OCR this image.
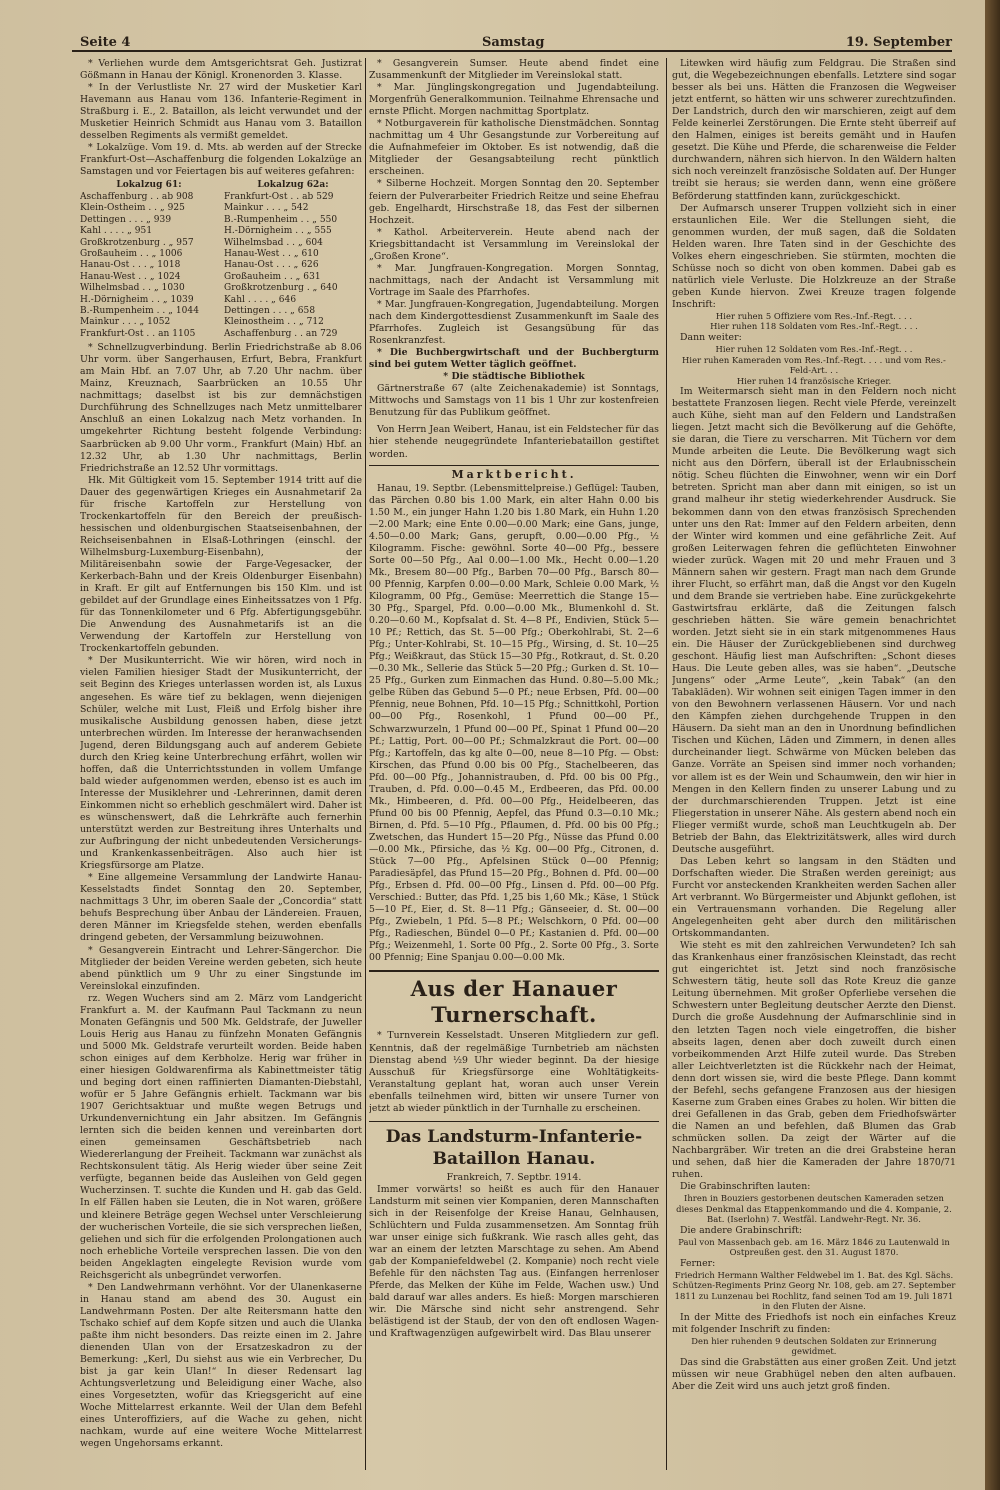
Seite 4	Samstag	19. September

* Verliehen wurde dem Amtsgerichtsrat Geh. Justizrat Gößmann in Hanau der Königl. Kronenorden 3. Klasse.

* In der Verlustliste Nr. 27 wird der Musketier Karl Havemann aus Hanau vom 136. Infanterie-Regiment in Straßburg i. E., 2. Bataillon, als leicht verwundet und der Musketier Heinrich Schmidt aus Hanau vom 3. Bataillon desselben Regiments als vermißt gemeldet.

* Lokalzüge. Vom 19. d. Mts. ab werden auf der Strecke Frankfurt-Ost—Aschaffenburg die folgenden Lokalzüge an Samstagen und vor Feiertagen bis auf weiteres gefahren:

Lokalzug 61:	Lokalzug 62a:
Aschaffenburg . . ab 908
Klein-Ostheim . . „ 925
Dettingen . . . „ 939
Kahl . . . . „ 951
Großkrotzenburg . „ 957
Großauheim . . „ 1006
Hanau-Ost . . . „ 1018
Hanau-West . . „ 1024
Wilhelmsbad . . „ 1030
H.-Dörnigheim . . „ 1039
B.-Rumpenheim . . „ 1044
Mainkur . . . „ 1052
Frankfurt-Ost . . an 1105
Frankfurt-Ost . . ab 529
Mainkur . . . „ 542
B.-Rumpenheim . . „ 550
H.-Dörnigheim . . „ 555
Wilhelmsbad . . „ 604
Hanau-West . . „ 610
Hanau-Ost . . . „ 626
Großauheim . . „ 631
Großkrotzenburg . „ 640
Kahl . . . . „ 646
Dettingen . . . „ 658
Kleinostheim . . „ 712
Aschaffenburg . . an 729

* Schnellzugverbindung. Berlin Friedrichstraße ab 8.06 Uhr vorm. über Sangerhausen, Erfurt, Bebra, Frankfurt am Main Hbf. an 7.07 Uhr, ab 7.20 Uhr nachm. über Mainz, Kreuznach, Saarbrücken an 10.55 Uhr nachmittags; daselbst ist bis zur demnächstigen Durchführung des Schnellzuges nach Metz unmittelbarer Anschluß an einen Lokalzug nach Metz vorhanden. In umgekehrter Richtung besteht folgende Verbindung: Saarbrücken ab 9.00 Uhr vorm., Frankfurt (Main) Hbf. an 12.32 Uhr, ab 1.30 Uhr nachmittags, Berlin Friedrichstraße an 12.52 Uhr vormittags.

Hk. Mit Gültigkeit vom 15. September 1914 tritt auf die Dauer des gegenwärtigen Krieges ein Ausnahmetarif 2a für frische Kartoffeln zur Herstellung von Trockenkartoffeln für den Bereich der preußisch-hessischen und oldenburgischen Staatseisenbahnen, der Reichseisenbahnen in Elsaß-Lothringen (einschl. der Wilhelmsburg-Luxemburg-Eisenbahn), der Militäreisenbahn sowie der Farge-Vegesacker, der Kerkerbach-Bahn und der Kreis Oldenburger Eisenbahn) in Kraft. Er gilt auf Entfernungen bis 150 Klm. und ist gebildet auf der Grundlage eines Einheitssatzes von 1 Pfg. für das Tonnenkilometer und 6 Pfg. Abfertigungsgebühr. Die Anwendung des Ausnahmetarifs ist an die Verwendung der Kartoffeln zur Herstellung von Trockenkartoffeln gebunden.

* Der Musikunterricht. Wie wir hören, wird noch in vielen Familien hiesiger Stadt der Musikunterricht, der seit Beginn des Krieges unterlassen worden ist, als Luxus angesehen. Es wäre tief zu beklagen, wenn diejenigen Schüler, welche mit Lust, Fleiß und Erfolg bisher ihre musikalische Ausbildung genossen haben, diese jetzt unterbrechen würden. Im Interesse der heranwachsenden Jugend, deren Bildungsgang auch auf anderem Gebiete durch den Krieg keine Unterbrechung erfährt, wollen wir hoffen, daß die Unterrichtsstunden in vollem Umfange bald wieder aufgenommen werden, ebenso ist es auch im Interesse der Musiklehrer und -Lehrerinnen, damit deren Einkommen nicht so erheblich geschmälert wird. Daher ist es wünschenswert, daß die Lehrkräfte auch fernerhin unterstützt werden zur Bestreitung ihres Unterhalts und zur Aufbringung der nicht unbedeutenden Versicherungs- und Krankenkassenbeiträgen. Also auch hier ist Kriegsfürsorge am Platze.

* Eine allgemeine Versammlung der Landwirte Hanau-Kesselstadts findet Sonntag den 20. September, nachmittags 3 Uhr, im oberen Saale der „Concordia“ statt behufs Besprechung über Anbau der Ländereien. Frauen, deren Männer im Kriegsfelde stehen, werden ebenfalls dringend gebeten, der Versammlung beizuwohnen.

* Gesangverein Eintracht und Lehrer-Sängerchor. Die Mitglieder der beiden Vereine werden gebeten, sich heute abend pünktlich um 9 Uhr zu einer Singstunde im Vereinslokal einzufinden.

rz. Wegen Wuchers sind am 2. März vom Landgericht Frankfurt a. M. der Kaufmann Paul Tackmann zu neun Monaten Gefängnis und 500 Mk. Geldstrafe, der Juweller Louis Herig aus Hanau zu fünfzehn Monaten Gefängnis und 5000 Mk. Geldstrafe verurteilt worden. Beide haben schon einiges auf dem Kerbholze. Herig war früher in einer hiesigen Goldwarenfirma als Kabinettmeister tätig und beging dort einen raffinierten Diamanten-Diebstahl, wofür er 5 Jahre Gefängnis erhielt. Tackmann war bis 1907 Gerichtsaktuar und mußte wegen Betrugs und Urkundenvernichtung ein Jahr absitzen. Im Gefängnis lernten sich die beiden kennen und vereinbarten dort einen gemeinsamen Geschäftsbetrieb nach Wiedererlangung der Freiheit. Tackmann war zunächst als Rechtskonsulent tätig. Als Herig wieder über seine Zeit verfügte, begannen beide das Ausleihen von Geld gegen Wucherzinsen. T. suchte die Kunden und H. gab das Geld. In elf Fällen haben sie Leuten, die in Not waren, größere und kleinere Beträge gegen Wechsel unter Verschleierung der wucherischen Vorteile, die sie sich versprechen ließen, geliehen und sich für die erfolgenden Prolongationen auch noch erhebliche Vorteile versprechen lassen. Die von den beiden Angeklagten eingelegte Revision wurde vom Reichsgericht als unbegründet verworfen.

* Den Landwehrmann verhöhnt. Vor der Ulanenkaserne in Hanau stand am abend des 30. August ein Landwehrmann Posten. Der alte Reitersmann hatte den Tschako schief auf dem Kopfe sitzen und auch die Ulanka paßte ihm nicht besonders. Das reizte einen im 2. Jahre dienenden Ulan von der Ersatzeskadron zu der Bemerkung: „Kerl, Du siehst aus wie ein Verbrecher, Du bist ja gar kein Ulan!“ In dieser Redensart lag Achtungsverletzung und Beleidigung einer Wache, also eines Vorgesetzten, wofür das Kriegsgericht auf eine Woche Mittelarrest erkannte. Weil der Ulan dem Befehl eines Unteroffiziers, auf die Wache zu gehen, nicht nachkam, wurde auf eine weitere Woche Mittelarrest wegen Ungehorsams erkannt.

* Gesangverein Sumser. Heute abend findet eine Zusammenkunft der Mitglieder im Vereinslokal statt.

* Mar. Jünglingskongregation und Jugendabteilung. Morgenfrüh Generalkommunion. Teilnahme Ehrensache und ernste Pflicht. Morgen nachmittag Sportplatz.

* Notburgaverein für katholische Dienstmädchen. Sonntag nachmittag um 4 Uhr Gesangstunde zur Vorbereitung auf die Aufnahmefeier im Oktober. Es ist notwendig, daß die Mitglieder der Gesangsabteilung recht pünktlich erscheinen.

* Silberne Hochzeit. Morgen Sonntag den 20. September feiern der Pulverarbeiter Friedrich Reitze und seine Ehefrau geb. Engelhardt, Hirschstraße 18, das Fest der silbernen Hochzeit.

* Kathol. Arbeiterverein. Heute abend nach der Kriegsbittandacht ist Versammlung im Vereinslokal der „Großen Krone“.

* Mar. Jungfrauen-Kongregation. Morgen Sonntag, nachmittags, nach der Andacht ist Versammlung mit Vortrage im Saale des Pfarrhofes.

* Mar. Jungfrauen-Kongregation, Jugendabteilung. Morgen nach dem Kindergottesdienst Zusammenkunft im Saale des Pfarrhofes. Zugleich ist Gesangsübung für das Rosenkranzfest.

* Die Buchbergwirtschaft und der Buchbergturm sind bei gutem Wetter täglich geöffnet.

* Die städtische Bibliothek

Gärtnerstraße 67 (alte Zeichenakademie) ist Sonntags, Mittwochs und Samstags von 11 bis 1 Uhr zur kostenfreien Benutzung für das Publikum geöffnet.

Von Herrn Jean Weibert, Hanau, ist ein Feldstecher für das hier stehende neugegründete Infanteriebataillon gestiftet worden.

Marktbericht.

Hanau, 19. Septbr. (Lebensmittelpreise.) Geflügel: Tauben, das Pärchen 0.80 bis 1.00 Mark, ein alter Hahn 0.00 bis 1.50 M., ein junger Hahn 1.20 bis 1.80 Mark, ein Huhn 1.20—2.00 Mark; eine Ente 0.00—0.00 Mark; eine Gans, junge, 4.50—0.00 Mark; Gans, gerupft, 0.00—0.00 Pfg., ½ Kilogramm. Fische: gewöhnl. Sorte 40—00 Pfg., bessere Sorte 00—50 Pfg., Aal 0.00—1.00 Mk., Hecht 0.00—1.20 Mk., Bresem 80—00 Pfg., Barben 70—00 Pfg., Barsch 80—00 Pfennig, Karpfen 0.00—0.00 Mark, Schleie 0.00 Mark, ½ Kilogramm, 00 Pfg., Gemüse: Meerrettich die Stange 15—30 Pfg., Spargel, Pfd. 0.00—0.00 Mk., Blumenkohl d. St. 0.20—0.60 M., Kopfsalat d. St. 4—8 Pf., Endivien, Stück 5—10 Pf.; Rettich, das St. 5—00 Pfg.; Oberkohlrabi, St. 2—6 Pfg.; Unter-Kohlrabi, St. 10—15 Pfg., Wirsing, d. St. 10—25 Pfg.; Weißkraut, das Stück 15—30 Pfg., Rotkraut, d. St. 0.20—0.30 Mk., Sellerie das Stück 5—20 Pfg.; Gurken d. St. 10—25 Pfg., Gurken zum Einmachen das Hund. 0.80—5.00 Mk.; gelbe Rüben das Gebund 5—0 Pf.; neue Erbsen, Pfd. 00—00 Pfennig, neue Bohnen, Pfd. 10—15 Pfg.; Schnittkohl, Portion 00—00 Pfg., Rosenkohl, 1 Pfund 00—00 Pf., Schwarzwurzeln, 1 Pfund 00—00 Pf., Spinat 1 Pfund 00—20 Pf.; Lattig, Port. 00—00 Pf.; Schmalzkraut die Port. 00—00 Pfg.; Kartoffeln, das kg alte 0—00, neue 8—10 Pfg. — Obst: Kirschen, das Pfund 0.00 bis 00 Pfg., Stachelbeeren, das Pfd. 00—00 Pfg., Johannistrauben, d. Pfd. 00 bis 00 Pfg., Trauben, d. Pfd. 0.00—0.45 M., Erdbeeren, das Pfd. 00.00 Mk., Himbeeren, d. Pfd. 00—00 Pfg., Heidelbeeren, das Pfund 00 bis 00 Pfennig, Aepfel, das Pfund 0.3—0.10 Mk.; Birnen, d. Pfd. 5—10 Pfg., Pflaumen, d. Pfd. 00 bis 00 Pfg.; Zwetschen, das Hundert 15—20 Pfg., Nüsse das Pfund 0.00—0.00 Mk., Pfirsiche, das ½ Kg. 00—00 Pfg., Citronen, d. Stück 7—00 Pfg., Apfelsinen Stück 0—00 Pfennig; Paradiesäpfel, das Pfund 15—20 Pfg., Bohnen d. Pfd. 00—00 Pfg., Erbsen d. Pfd. 00—00 Pfg., Linsen d. Pfd. 00—00 Pfg. Verschied.: Butter, das Pfd. 1,25 bis 1,60 Mk.; Käse, 1 Stück 5—10 Pf., Eier, d. St. 8—11 Pfg.; Gänseeier, d. St. 00—00 Pfg., Zwiebeln, 1 Pfd. 5—8 Pf.; Welschkorn, 0 Pfd. 00—00 Pfg., Radieschen, Bündel 0—0 Pf.; Kastanien d. Pfd. 00—00 Pfg.; Weizenmehl, 1. Sorte 00 Pfg., 2. Sorte 00 Pfg., 3. Sorte 00 Pfennig; Eine Spanjau 0.00—0.00 Mk.

Aus der Hanauer Turnerschaft.

* Turnverein Kesselstadt. Unseren Mitgliedern zur gefl. Kenntnis, daß der regelmäßige Turnbetrieb am nächsten Dienstag abend ½9 Uhr wieder beginnt. Da der hiesige Ausschuß für Kriegsfürsorge eine Wohltätigkeits-Veranstaltung geplant hat, woran auch unser Verein ebenfalls teilnehmen wird, bitten wir unsere Turner von jetzt ab wieder pünktlich in der Turnhalle zu erscheinen.

Das Landsturm-Infanterie-Bataillon Hanau.

Frankreich, 7. Septbr. 1914.

Immer vorwärts! so heißt es auch für den Hanauer Landsturm mit seinen vier Kompanien, deren Mannschaften sich in der Reisenfolge der Kreise Hanau, Gelnhausen, Schlüchtern und Fulda zusammensetzen. Am Sonntag früh war unser einige sich fußkrank. Wie rasch alles geht, das war an einem der letzten Marschtage zu sehen. Am Abend gab der Kompaniefeldwebel (2. Kompanie) noch recht viele Befehle für den nächsten Tag aus. (Einfangen herrenloser Pferde, das Melken der Kühe im Felde, Wachen usw.) Und bald darauf war alles anders. Es hieß: Morgen marschieren wir. Die Märsche sind nicht sehr anstrengend. Sehr belästigend ist der Staub, der von den oft endlosen Wagen- und Kraftwagenzügen aufgewirbelt wird. Das Blau unserer

Litewken wird häufig zum Feldgrau. Die Straßen sind gut, die Wegebezeichnungen ebenfalls. Letztere sind sogar besser als bei uns. Hätten die Franzosen die Wegweiser jetzt entfernt, so hätten wir uns schwerer zurechtzufinden. Der Landstrich, durch den wir marschieren, zeigt auf dem Felde keinerlei Zerstörungen. Die Ernte steht überreif auf den Halmen, einiges ist bereits gemäht und in Haufen gesetzt. Die Kühe und Pferde, die scharenweise die Felder durchwandern, nähren sich hiervon. In den Wäldern halten sich noch vereinzelt französische Soldaten auf. Der Hunger treibt sie heraus; sie werden dann, wenn eine größere Beförderung stattfinden kann, zurückgeschickt.

Der Aufmarsch unserer Truppen vollzieht sich in einer erstaunlichen Eile. Wer die Stellungen sieht, die genommen wurden, der muß sagen, daß die Soldaten Helden waren. Ihre Taten sind in der Geschichte des Volkes ehern eingeschrieben. Sie stürmten, mochten die Schüsse noch so dicht von oben kommen. Dabei gab es natürlich viele Verluste. Die Holzkreuze an der Straße geben Kunde hiervon. Zwei Kreuze tragen folgende Inschrift:

Hier ruhen 5 Offiziere vom Res.-Inf.-Regt. . . .

Hier ruhen 118 Soldaten vom Res.-Inf.-Regt. . . .

Dann weiter:

Hier ruhen 12 Soldaten vom Res.-Inf.-Regt. . .

Hier ruhen Kameraden vom Res.-Inf.-Regt. . . . und vom Res.-Feld-Art. . .

Hier ruhen 14 französische Krieger.

Im Weitermarsch sieht man in den Feldern noch nicht bestattete Franzosen liegen. Recht viele Pferde, vereinzelt auch Kühe, sieht man auf den Feldern und Landstraßen liegen. Jetzt macht sich die Bevölkerung auf die Gehöfte, sie daran, die Tiere zu verscharren. Mit Tüchern vor dem Munde arbeiten die Leute. Die Bevölkerung wagt sich nicht aus den Dörfern, überall ist der Erlaubnisschein nötig. Scheu flüchten die Einwohner, wenn wir ein Dorf betreten. Spricht man aber dann mit einigen, so ist un grand malheur ihr stetig wiederkehrender Ausdruck. Sie bekommen dann von den etwas französisch Sprechenden unter uns den Rat: Immer auf den Feldern arbeiten, denn der Winter wird kommen und eine gefährliche Zeit. Auf großen Leiterwagen fehren die geflüchteten Einwohner wieder zurück. Wagen mit 20 und mehr Frauen und 3 Männern sahen wir gestern. Fragt man nach dem Grunde ihrer Flucht, so erfährt man, daß die Angst vor den Kugeln und dem Brande sie vertrieben habe. Eine zurückgekehrte Gastwirtsfrau erklärte, daß die Zeitungen falsch geschrieben hätten. Sie wäre gemein benachrichtet worden. Jetzt sieht sie in ein stark mitgenommenes Haus ein. Die Häuser der Zurückgebliebenen sind durchweg geschont. Häufig liest man Aufschriften: „Schont dieses Haus. Die Leute geben alles, was sie haben“. „Deutsche Jungens“ oder „Arme Leute“, „kein Tabak“ (an den Tabakläden). Wir wohnen seit einigen Tagen immer in den von den Bewohnern verlassenen Häusern. Vor und nach den Kämpfen ziehen durchgehende Truppen in den Häusern. Da sieht man an den in Unordnung befindlichen Tischen und Küchen, Läden und Zimmern, in denen alles durcheinander liegt. Schwärme von Mücken beleben das Ganze. Vorräte an Speisen sind immer noch vorhanden; vor allem ist es der Wein und Schaumwein, den wir hier in Mengen in den Kellern finden zu unserer Labung und zu der durchmarschierenden Truppen. Jetzt ist eine Fliegerstation in unserer Nähe. Als gestern abend noch ein Flieger vermißt wurde, schoß man Leuchtkugeln ab. Der Betrieb der Bahn, das Elektrizitätswerk, alles wird durch Deutsche ausgeführt.

Das Leben kehrt so langsam in den Städten und Dorfschaften wieder. Die Straßen werden gereinigt; aus Furcht vor ansteckenden Krankheiten werden Sachen aller Art verbrannt. Wo Bürgermeister und Abjunkt geflohen, ist ein Vertrauensmann vorhanden. Die Regelung aller Angelegenheiten geht aber durch den militärischen Ortskommandanten.

Wie steht es mit den zahlreichen Verwundeten? Ich sah das Krankenhaus einer französischen Kleinstadt, das recht gut eingerichtet ist. Jetzt sind noch französische Schwestern tätig, heute soll das Rote Kreuz die ganze Leitung übernehmen. Mit großer Opferliebe versehen die Schwestern unter Begleitung deutscher Aerzte den Dienst. Durch die große Ausdehnung der Aufmarschlinie sind in den letzten Tagen noch viele eingetroffen, die bisher abseits lagen, denen aber doch zuweilt durch einen vorbeikommenden Arzt Hilfe zuteil wurde. Das Streben aller Leichtverletzten ist die Rückkehr nach der Heimat, denn dort wissen sie, wird die beste Pflege. Dann kommt der Befehl, sechs gefangene Franzosen aus der hiesigen Kaserne zum Graben eines Grabes zu holen. Wir bitten die drei Gefallenen in das Grab, geben dem Friedhofswärter die Namen an und befehlen, daß Blumen das Grab schmücken sollen. Da zeigt der Wärter auf die Nachbargräber. Wir treten an die drei Grabsteine heran und sehen, daß hier die Kameraden der Jahre 1870/71 ruhen.

Die Grabinschriften lauten:

Ihren in Bouziers gestorbenen deutschen Kameraden setzen dieses Denkmal das Etappenkommando und die 4. Kompanie, 2. Bat. (Iserlohn) 7. Westfäl. Landwehr-Regt. Nr. 36.

Die andere Grabinschrift:

Paul von Massenbach geb. am 16. März 1846 zu Lautenwald in Ostpreußen gest. den 31. August 1870.

Ferner:

Friedrich Hermann Walther Feldwebel im 1. Bat. des Kgl. Sächs. Schützen-Regiments Prinz Georg Nr. 108, geb. am 27. September 1811 zu Lunzenau bei Rochlitz, fand seinen Tod am 19. Juli 1871 in den Fluten der Aisne.

In der Mitte des Friedhofs ist noch ein einfaches Kreuz mit folgender Inschrift zu finden:

Den hier ruhenden 9 deutschen Soldaten zur Erinnerung gewidmet.

Das sind die Grabstätten aus einer großen Zeit. Und jetzt müssen wir neue Grabhügel neben den alten aufbauen. Aber die Zeit wird uns auch jetzt groß finden.
